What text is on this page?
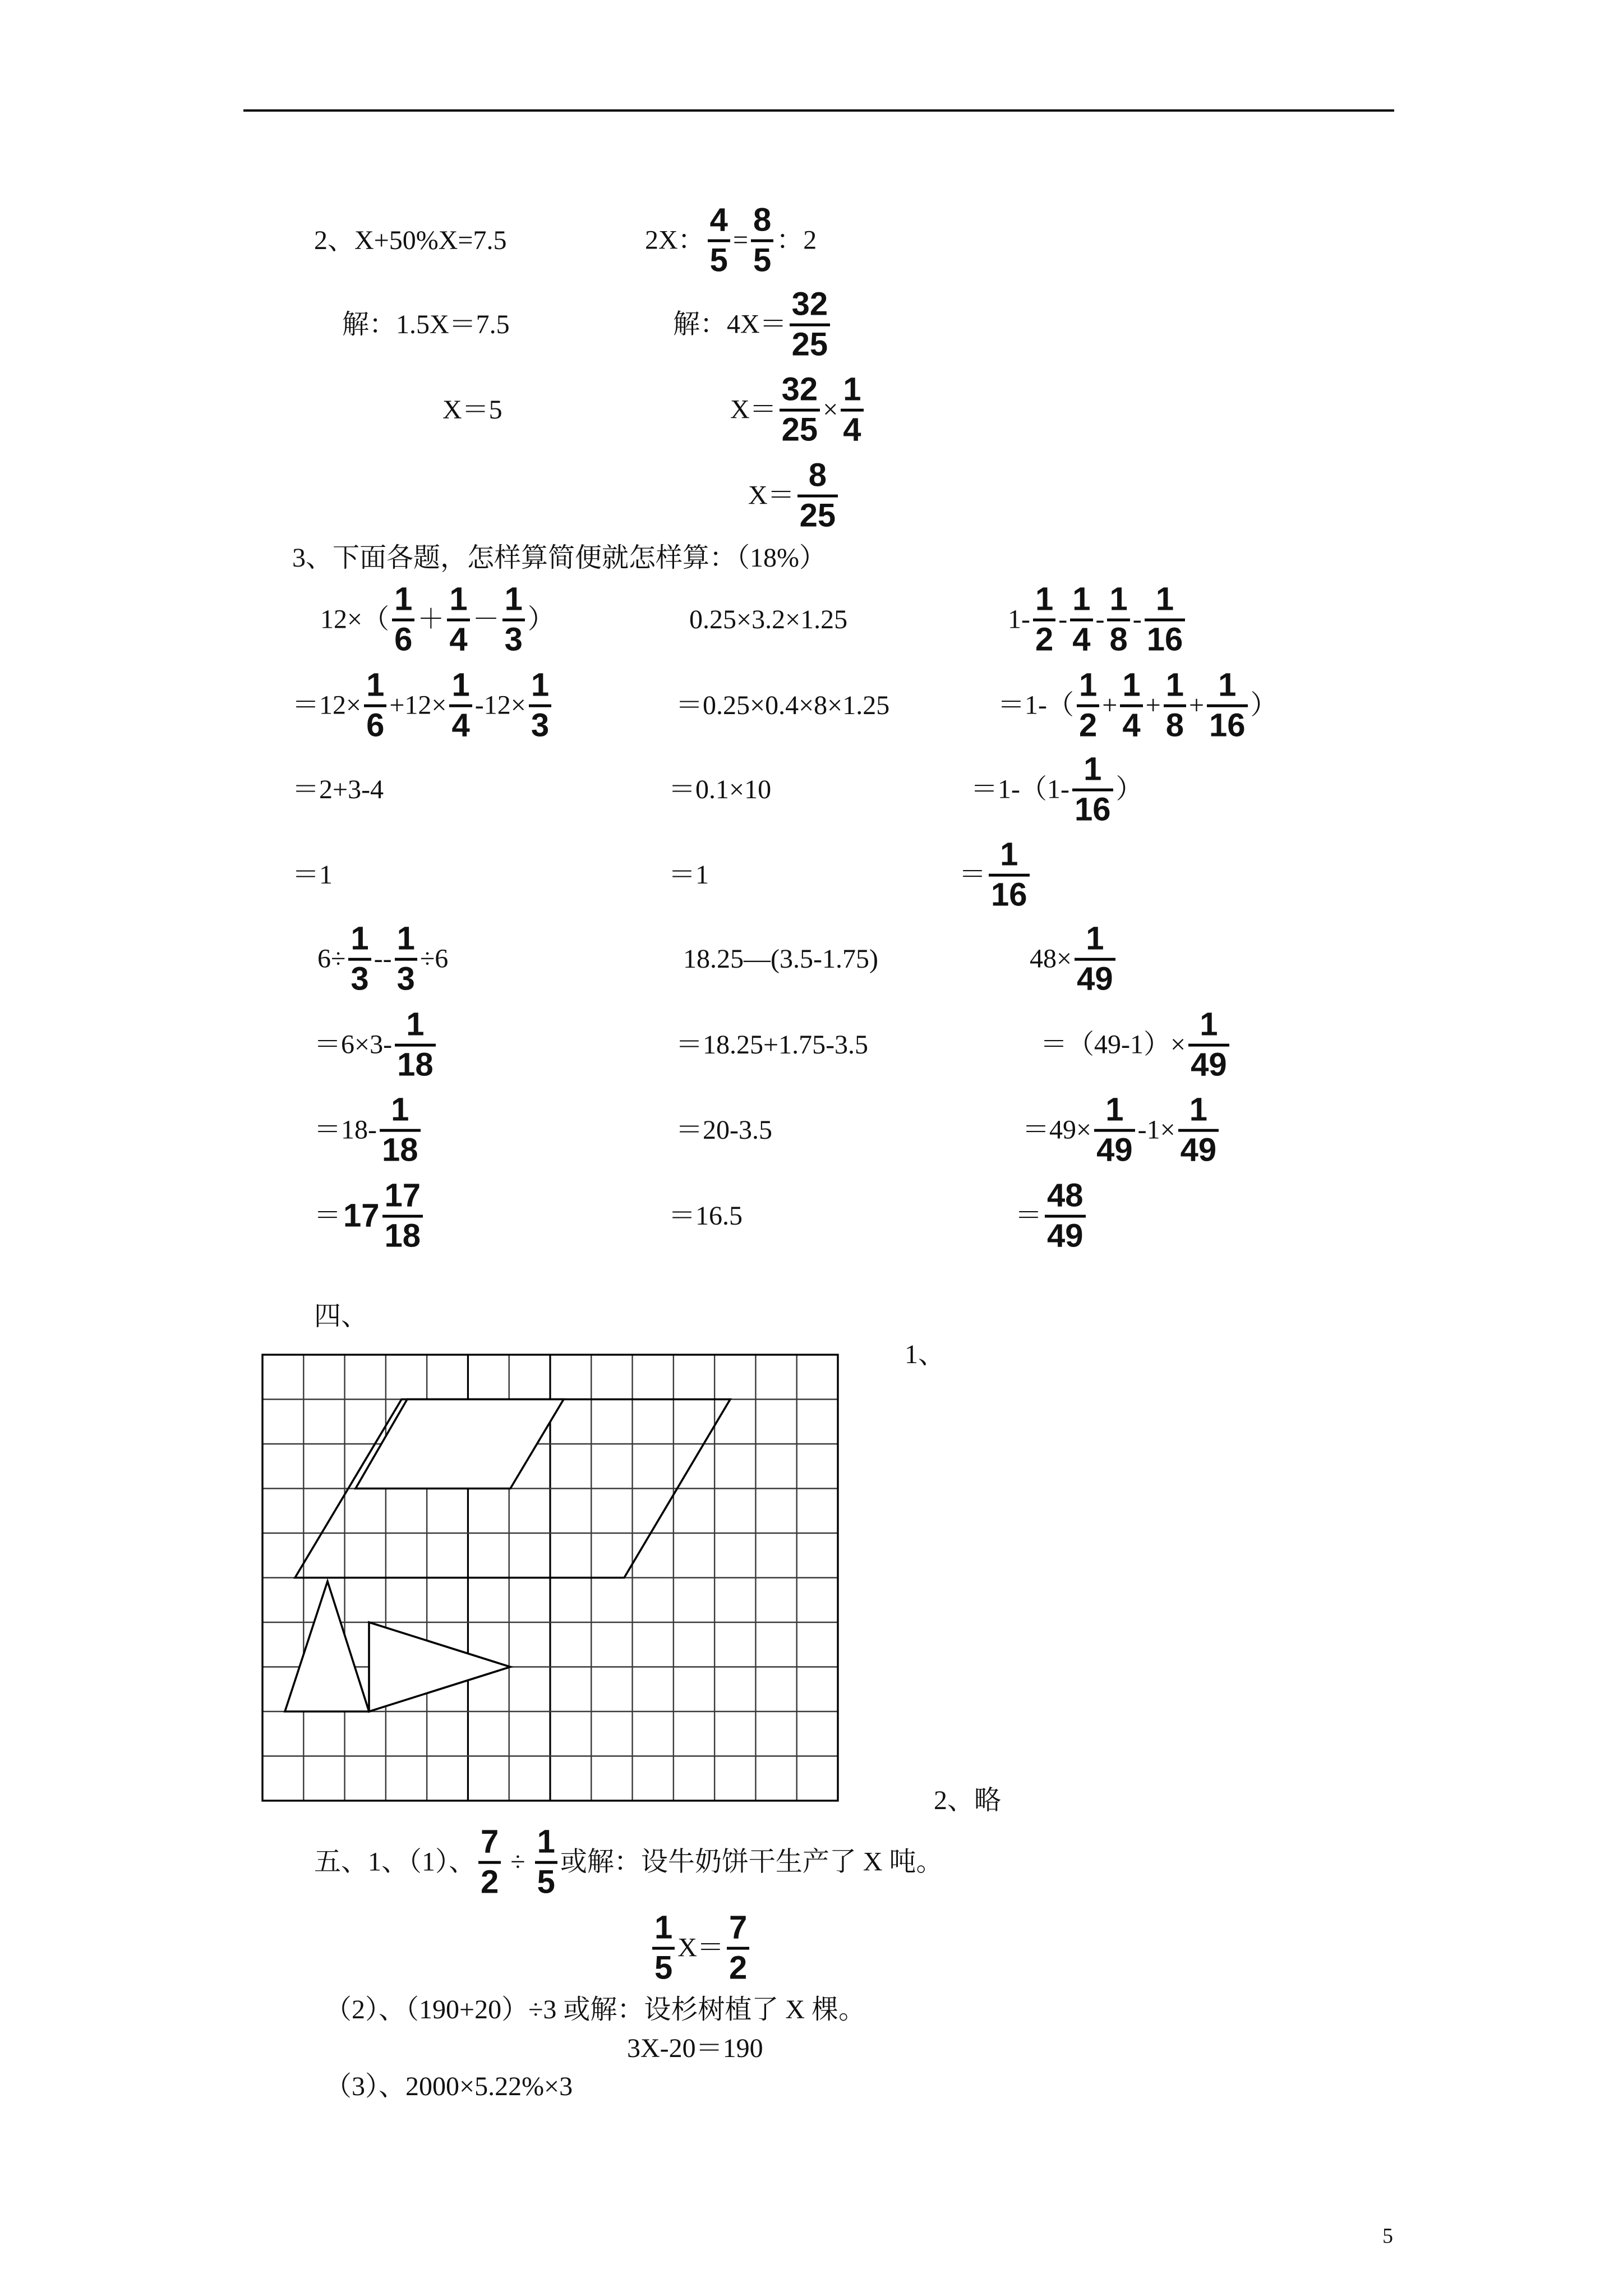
2、X+50%X=7.5
解：1.5X＝7.5
X＝5
2X：
4
5
=
8
5
：2
解：4X＝
32
25
X＝
32
25
×
1
4
X＝
8
25
3、下面各题，怎样算简便就怎样算：（18%）
12×（
1
6
＋
1
4
－
1
3
）
＝12×
1
6
+12×
1
4
-12×
1
3
＝2+3-4
＝1
0.25×3.2×1.25
＝0.25×0.4×8×1.25
＝0.1×10
＝1
1-
1
2
-
1
4
-
1
8
-
1
16
＝1-（
1
2
+
1
4
+
1
8
+
1
16
）
＝1-（1-
1
16
）
＝
1
16
6÷
1
3
--
1
3
÷6
＝6×3-
1
18
＝18-
1
18
＝ 17
17
18
18.25—(3.5-1.75)
＝18.25+1.75-3.5
＝20-3.5
＝16.5
48×
1
49
＝（49-1）×
1
49
＝49×
1
49
-1×
1
49
＝
48
49
四、
1、
2、略
五、1、（1）、
7
2
÷
1
5
或解：设牛奶饼干生产了 X 吨。
1
5
X＝
7
2
（2）、（190+20）÷3 或解：设杉树植了 X 棵。
3X-20＝190
（3）、2000×5.22%×3
5
